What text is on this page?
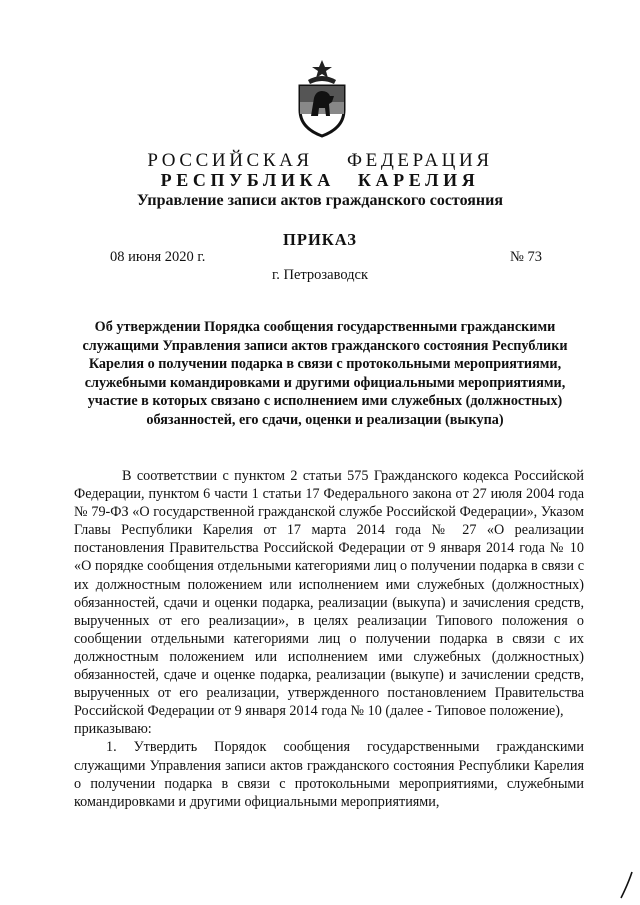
РОССИЙСКАЯ ФЕДЕРАЦИЯ
РЕСПУБЛИКА КАРЕЛИЯ
Управление записи актов гражданского состояния
ПРИКАЗ
08 июня 2020 г.	№ 73
г. Петрозаводск
Об утверждении Порядка сообщения государственными гражданскими служащими Управления записи актов гражданского состояния Республики Карелия о получении подарка в связи с протокольными мероприятиями, служебными командировками и другими официальными мероприятиями, участие в которых связано с исполнением ими служебных (должностных) обязанностей, его сдачи, оценки и реализации (выкупа)

В соответствии с пунктом 2 статьи 575 Гражданского кодекса Российской Федерации, пунктом 6 части 1 статьи 17 Федерального закона от 27 июля 2004 года № 79-ФЗ «О государственной гражданской службе Российской Федерации», Указом Главы Республики Карелия от 17 марта 2014 года № 27 «О реализации постановления Правительства Российской Федерации от 9 января 2014 года № 10 «О порядке сообщения отдельными категориями лиц о получении подарка в связи с их должностным положением или исполнением ими служебных (должностных) обязанностей, сдачи и оценки подарка, реализации (выкупа) и зачисления средств, вырученных от его реализации», в целях реализации Типового положения о сообщении отдельными категориями лиц о получении подарка в связи с их должностным положением или исполнением ими служебных (должностных) обязанностей, сдаче и оценке подарка, реализации (выкупе) и зачислении средств, вырученных от его реализации, утвержденного постановлением Правительства Российской Федерации от 9 января 2014 года № 10 (далее - Типовое положение),

приказываю:

1. Утвердить Порядок сообщения государственными гражданскими служащими Управления записи актов гражданского состояния Республики Карелия о получении подарка в связи с протокольными мероприятиями, служебными командировками и другими официальными мероприятиями,
